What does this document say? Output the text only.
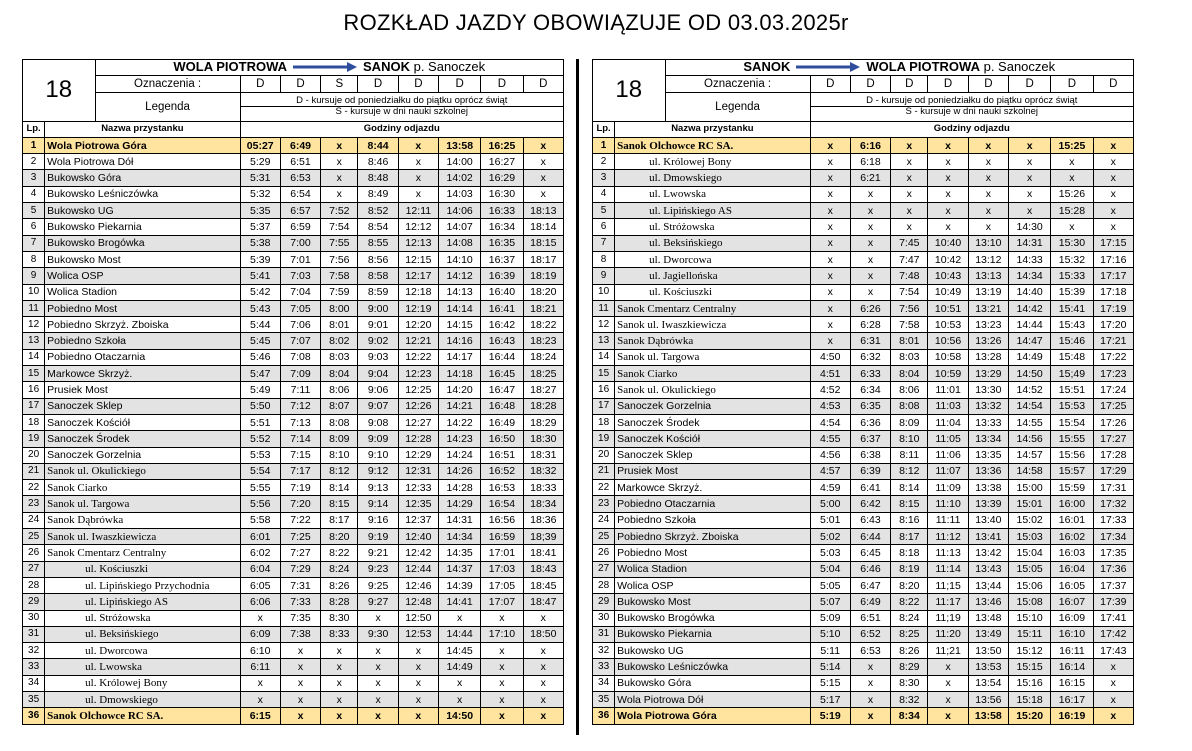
ROZKŁAD JAZDY OBOWIĄZUJE OD 03.03.2025r
18		WOLA PIOTROWA SANOK p. Sanoczek								
		Oznaczenia :	D	D	S	D	D	D	D	D
		Legenda	D - kursuje od poniedziałku do piątku oprócz świąt
S - kursuje w dni nauki szkolnej							

Lp.	Nazwa przystanku		Godziny odjazdu							
1	Wola Piotrowa Góra		05:27	6:49	x	8:44	x	13:58	16:25	x
2	Wola Piotrowa Dół		5:29	6:51	x	8:46	x	14:00	16:27	x
3	Bukowsko Góra		5:31	6:53	x	8:48	x	14:02	16:29	x
4	Bukowsko Leśniczówka		5:32	6:54	x	8:49	x	14:03	16:30	x
5	Bukowsko UG		5:35	6:57	7:52	8:52	12:11	14:06	16:33	18:13
6	Bukowsko Piekarnia		5:37	6:59	7:54	8:54	12:12	14:07	16:34	18:14
7	Bukowsko Brogówka		5:38	7:00	7:55	8:55	12:13	14:08	16:35	18:15
8	Bukowsko Most		5:39	7:01	7:56	8:56	12:15	14:10	16:37	18:17
9	Wolica OSP		5:41	7:03	7:58	8:58	12:17	14:12	16:39	18:19
10	Wolica Stadion		5:42	7:04	7:59	8:59	12:18	14:13	16:40	18:20
11	Pobiedno Most		5:43	7:05	8:00	9:00	12:19	14:14	16:41	18:21
12	Pobiedno Skrzyż. Zboiska		5:44	7:06	8:01	9:01	12:20	14:15	16:42	18:22
13	Pobiedno Szkoła		5:45	7:07	8:02	9:02	12:21	14:16	16:43	18:23
14	Pobiedno Otaczarnia		5:46	7:08	8:03	9:03	12:22	14:17	16:44	18:24
15	Markowce Skrzyż.		5:47	7:09	8:04	9:04	12:23	14:18	16:45	18:25
16	Prusiek Most		5:49	7:11	8:06	9:06	12:25	14:20	16:47	18:27
17	Sanoczek Sklep		5:50	7:12	8:07	9:07	12:26	14:21	16:48	18:28
18	Sanoczek Kościół		5:51	7:13	8:08	9:08	12:27	14:22	16:49	18:29
19	Sanoczek Środek		5:52	7:14	8:09	9:09	12:28	14:23	16:50	18:30
20	Sanoczek Gorzelnia		5:53	7:15	8:10	9:10	12:29	14:24	16:51	18:31
21	Sanok ul. Okulickiego		5:54	7:17	8:12	9:12	12:31	14:26	16:52	18:32
22	Sanok Ciarko		5:55	7:19	8:14	9:13	12:33	14:28	16:53	18:33
23	Sanok ul. Targowa		5:56	7:20	8:15	9:14	12:35	14:29	16:54	18:34
24	Sanok Dąbrówka		5:58	7:22	8:17	9:16	12:37	14:31	16:56	18:36
25	Sanok ul. Iwaszkiewicza		6:01	7:25	8:20	9:19	12:40	14:34	16:59	18;39
26	Sanok Cmentarz Centralny		6:02	7:27	8:22	9:21	12:42	14:35	17:01	18:41
27	ul. Kościuszki		6:04	7:29	8:24	9:23	12:44	14:37	17:03	18:43
28	ul. Lipińskiego Przychodnia		6:05	7:31	8:26	9:25	12:46	14:39	17:05	18:45
29	ul. Lipińskiego AS		6:06	7:33	8:28	9:27	12:48	14:41	17:07	18:47
30	ul. Stróżowska		x	7:35	8:30	x	12:50	x	x	x
31	ul. Beksińskiego		6:09	7:38	8:33	9:30	12:53	14:44	17:10	18:50
32	ul. Dworcowa		6:10	x	x	x	x	14:45	x	x
33	ul. Lwowska		6:11	x	x	x	x	14:49	x	x
34	ul. Królowej Bony		x	x	x	x	x	x	x	x
35	ul. Dmowskiego		x	x	x	x	x	x	x	x
36	Sanok Olchowce RC SA.		6:15	x	x	x	x	14:50	x	x
18		SANOK WOLA PIOTROWA p. Sanoczek								
		Oznaczenia :	D	D	D	D	D	D	D	D
		Legenda	D - kursuje od poniedziałku do piątku oprócz świąt
S - kursuje w dni nauki szkolnej							

Lp.	Nazwa przystanku		Godziny odjazdu							
1	Sanok Olchowce RC SA.		x	6:16	x	x	x	x	15:25	x
2	ul. Królowej Bony		x	6:18	x	x	x	x	x	x
3	ul. Dmowskiego		x	6:21	x	x	x	x	x	x
4	ul. Lwowska		x	x	x	x	x	x	15:26	x
5	ul. Lipińskiego AS		x	x	x	x	x	x	15:28	x
6	ul. Stróżowska		x	x	x	x	x	14:30	x	x
7	ul. Beksińskiego		x	x	7:45	10:40	13:10	14:31	15:30	17:15
8	ul. Dworcowa		x	x	7:47	10:42	13:12	14:33	15:32	17:16
9	ul. Jagiellońska		x	x	7:48	10:43	13:13	14:34	15:33	17:17
10	ul. Kościuszki		x	x	7:54	10:49	13:19	14:40	15:39	17:18
11	Sanok Cmentarz Centralny		x	6:26	7:56	10:51	13:21	14:42	15:41	17:19
12	Sanok ul. Iwaszkiewicza		x	6:28	7:58	10:53	13:23	14:44	15:43	17:20
13	Sanok Dąbrówka		x	6:31	8:01	10:56	13:26	14:47	15:46	17:21
14	Sanok ul. Targowa		4:50	6:32	8:03	10:58	13:28	14:49	15:48	17:22
15	Sanok Ciarko		4:51	6:33	8:04	10:59	13:29	14:50	15;49	17:23
16	Sanok ul. Okulickiego		4:52	6:34	8:06	11:01	13:30	14:52	15:51	17:24
17	Sanoczek Gorzelnia		4:53	6:35	8:08	11:03	13:32	14:54	15:53	17:25
18	Sanoczek Środek		4:54	6:36	8:09	11:04	13:33	14:55	15:54	17:26
19	Sanoczek Kościół		4:55	6:37	8:10	11:05	13:34	14:56	15:55	17:27
20	Sanoczek Sklep		4:56	6:38	8:11	11:06	13:35	14:57	15:56	17:28
21	Prusiek Most		4:57	6:39	8:12	11:07	13:36	14:58	15:57	17:29
22	Markowce Skrzyż.		4:59	6:41	8:14	11:09	13:38	15:00	15:59	17:31
23	Pobiedno Otaczarnia		5:00	6:42	8:15	11:10	13:39	15:01	16:00	17:32
24	Pobiedno Szkoła		5:01	6:43	8:16	11:11	13:40	15:02	16:01	17:33
25	Pobiedno Skrzyż. Zboiska		5:02	6:44	8:17	11:12	13:41	15:03	16:02	17:34
26	Pobiedno Most		5:03	6:45	8:18	11:13	13:42	15:04	16:03	17:35
27	Wolica Stadion		5:04	6:46	8:19	11:14	13:43	15:05	16:04	17:36
28	Wolica OSP		5:05	6:47	8:20	11;15	13;44	15:06	16:05	17:37
29	Bukowsko Most		5:07	6:49	8:22	11:17	13:46	15:08	16:07	17:39
30	Bukowsko Brogówka		5:09	6:51	8:24	11;19	13:48	15:10	16:09	17:41
31	Bukowsko Piekarnia		5:10	6:52	8:25	11:20	13:49	15:11	16:10	17:42
32	Bukowsko UG		5:11	6:53	8:26	11;21	13:50	15:12	16:11	17:43
33	Bukowsko Leśniczówka		5:14	x	8:29	x	13:53	15:15	16:14	x
34	Bukowsko Góra		5:15	x	8:30	x	13:54	15:16	16:15	x
35	Wola Piotrowa Dół		5:17	x	8:32	x	13:56	15:18	16:17	x
36	Wola Piotrowa Góra		5:19	x	8:34	x	13:58	15:20	16:19	x
